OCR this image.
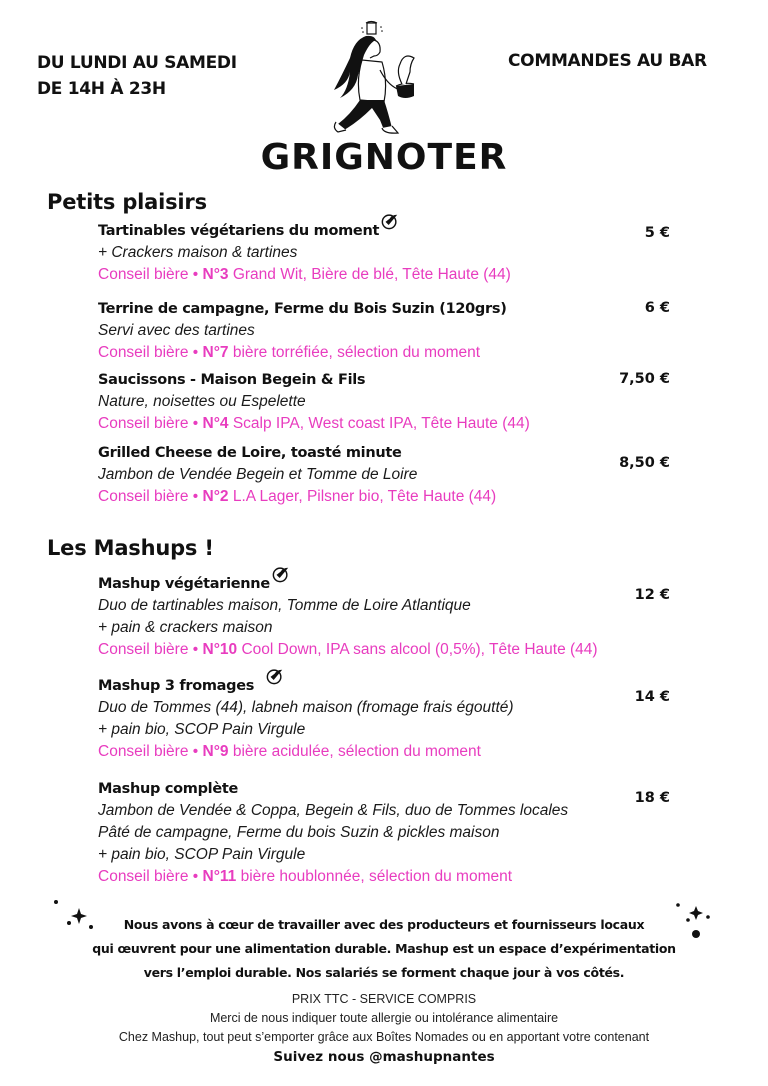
DU LUNDI AU SAMEDI
DE 14H À 23H
COMMANDES AU BAR
GRIGNOTER
Petits plaisirs
Tartinables végétariens du moment
+ Crackers maison & tartines
Conseil bière • N°3 Grand Wit, Bière de blé, Tête Haute (44)
5 €
Terrine de campagne, Ferme du Bois Suzin (120grs)
Servi avec des tartines
Conseil bière • N°7 bière torréfiée, sélection du moment
6 €
Saucissons - Maison Begein & Fils
Nature, noisettes ou Espelette
Conseil bière • N°4 Scalp IPA, West coast IPA, Tête Haute (44)
7,50 €
Grilled Cheese de Loire, toasté minute
Jambon de Vendée Begein et Tomme de Loire
Conseil bière • N°2 L.A Lager, Pilsner bio, Tête Haute (44)
8,50 €
Les Mashups !
Mashup végétarienne
Duo de tartinables maison, Tomme de Loire Atlantique
+ pain & crackers maison
Conseil bière • N°10 Cool Down, IPA sans alcool (0,5%), Tête Haute (44)
12 €
Mashup 3 fromages
Duo de Tommes (44), labneh maison (fromage frais égoutté)
+ pain bio, SCOP Pain Virgule
Conseil bière • N°9 bière acidulée, sélection du moment
14 €
Mashup complète
Jambon de Vendée & Coppa, Begein & Fils, duo de Tommes locales
Pâté de campagne, Ferme du bois Suzin & pickles maison
+ pain bio, SCOP Pain Virgule
Conseil bière • N°11 bière houblonnée, sélection du moment
18 €
Nous avons à cœur de travailler avec des producteurs et fournisseurs locaux
qui œuvrent pour une alimentation durable. Mashup est un espace d’expérimentation
vers l’emploi durable. Nos salariés se forment chaque jour à vos côtés.
PRIX TTC - SERVICE COMPRIS
Merci de nous indiquer toute allergie ou intolérance alimentaire
Chez Mashup, tout peut s’emporter grâce aux Boîtes Nomades ou en apportant votre contenant
Suivez nous @mashupnantes
